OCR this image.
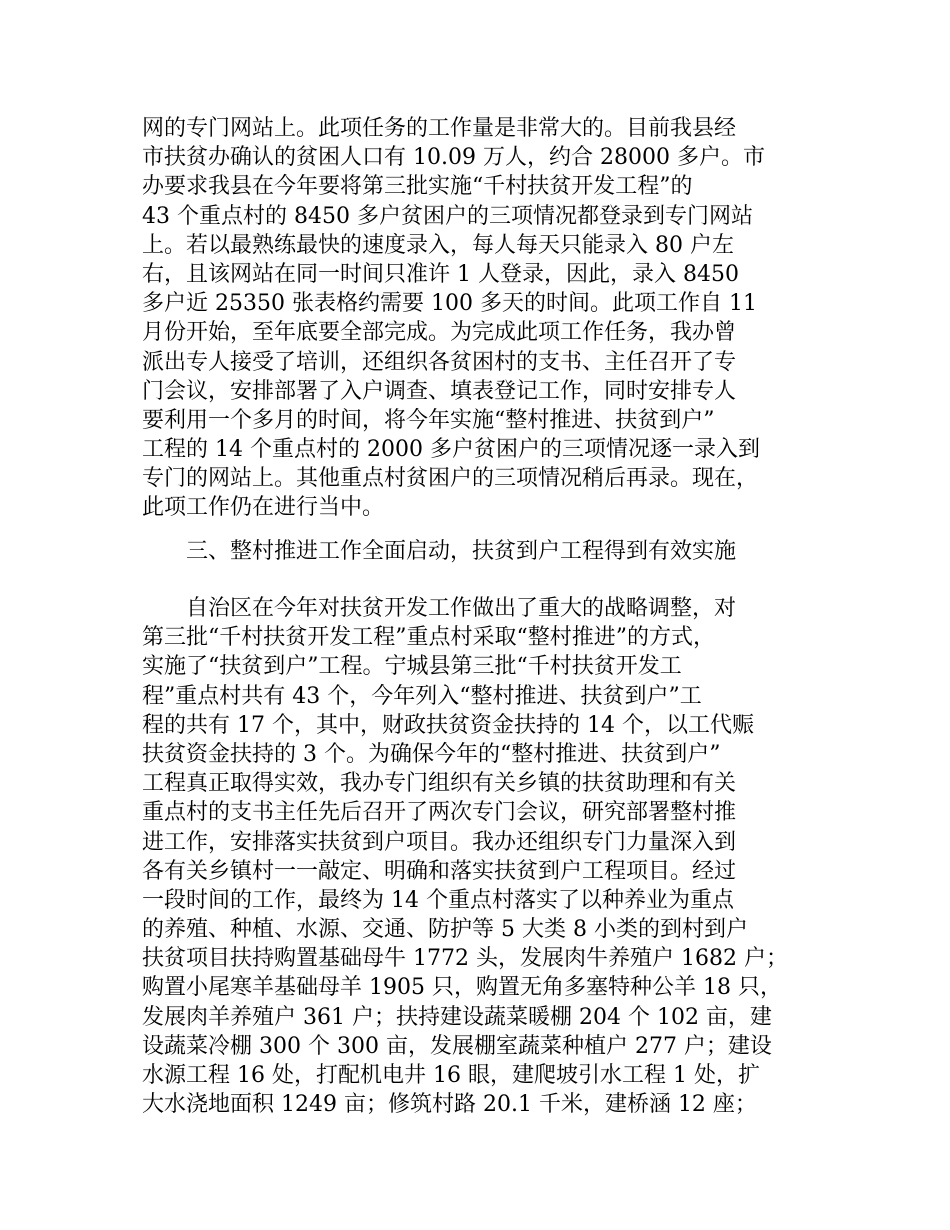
网的专门网站上。此项任务的工作量是非常大的。目前我县经
市扶贫办确认的贫困人口有 10.09 万人，约合 28000 多户。市
办要求我县在今年要将第三批实施“千村扶贫开发工程”的
43 个重点村的 8450 多户贫困户的三项情况都登录到专门网站
上。若以最熟练最快的速度录入，每人每天只能录入 80 户左
右，且该网站在同一时间只准许 1 人登录，因此，录入 8450
多户近 25350 张表格约需要 100 多天的时间。此项工作自 11
月份开始，至年底要全部完成。为完成此项工作任务，我办曾
派出专人接受了培训，还组织各贫困村的支书、主任召开了专
门会议，安排部署了入户调查、填表登记工作，同时安排专人
要利用一个多月的时间，将今年实施“整村推进、扶贫到户”
工程的 14 个重点村的 2000 多户贫困户的三项情况逐一录入到
专门的网站上。其他重点村贫困户的三项情况稍后再录。现在，
此项工作仍在进行当中。
　　三、整村推进工作全面启动，扶贫到户工程得到有效实施
　　自治区在今年对扶贫开发工作做出了重大的战略调整，对
第三批“千村扶贫开发工程”重点村采取“整村推进”的方式，
实施了“扶贫到户”工程。宁城县第三批“千村扶贫开发工
程”重点村共有 43 个，今年列入“整村推进、扶贫到户”工
程的共有 17 个，其中，财政扶贫资金扶持的 14 个，以工代赈
扶贫资金扶持的 3 个。为确保今年的“整村推进、扶贫到户”
工程真正取得实效，我办专门组织有关乡镇的扶贫助理和有关
重点村的支书主任先后召开了两次专门会议，研究部署整村推
进工作，安排落实扶贫到户项目。我办还组织专门力量深入到
各有关乡镇村一一敲定、明确和落实扶贫到户工程项目。经过
一段时间的工作，最终为 14 个重点村落实了以种养业为重点
的养殖、种植、水源、交通、防护等 5 大类 8 小类的到村到户
扶贫项目扶持购置基础母牛 1772 头，发展肉牛养殖户 1682 户；
购置小尾寒羊基础母羊 1905 只，购置无角多塞特种公羊 18 只，
发展肉羊养殖户 361 户；扶持建设蔬菜暖棚 204 个 102 亩，建
设蔬菜冷棚 300 个 300 亩，发展棚室蔬菜种植户 277 户；建设
水源工程 16 处，打配机电井 16 眼，建爬坡引水工程 1 处，扩
大水浇地面积 1249 亩；修筑村路 20.1 千米，建桥涵 12 座；
